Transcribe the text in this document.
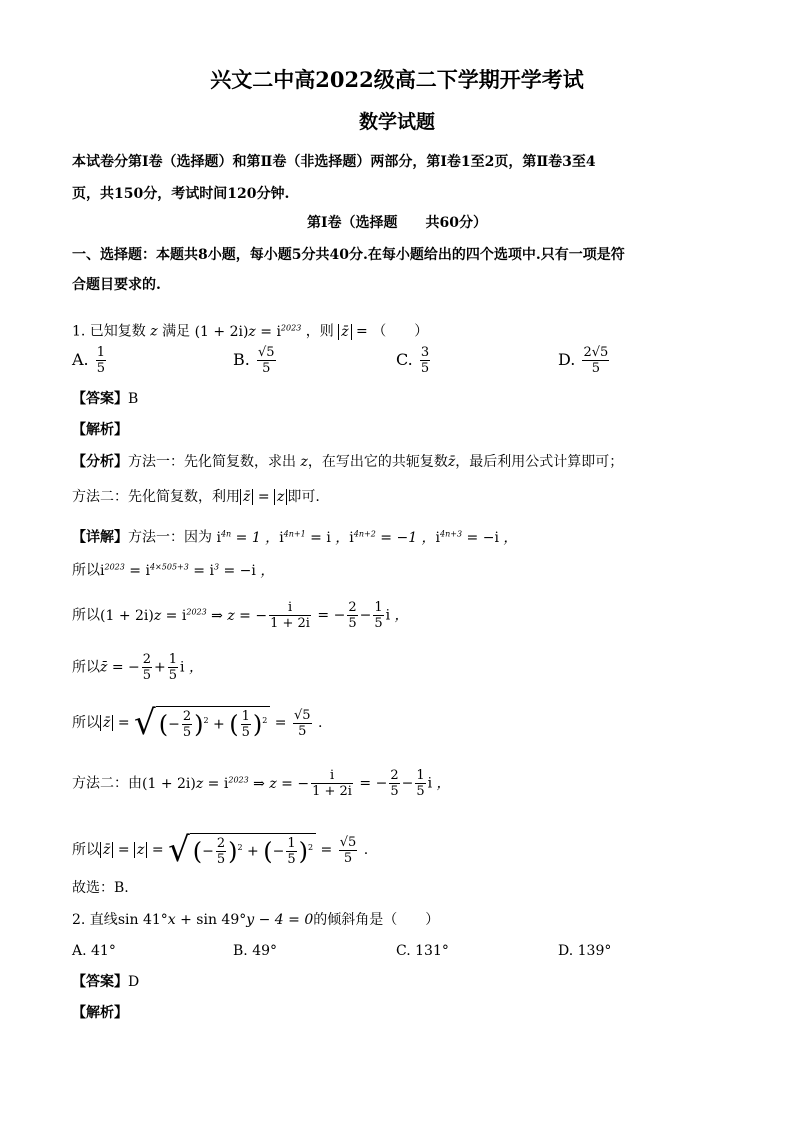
兴文二中高2022级高二下学期开学考试
数学试题
本试卷分第Ⅰ卷（选择题）和第Ⅱ卷（非选择题）两部分，第Ⅰ卷1至2页，第Ⅱ卷3至4
页，共150分，考试时间120分钟.
第Ⅰ卷（选择题　　共60分）
一、选择题：本题共8小题，每小题5分共40分.在每小题给出的四个选项中.只有一项是符
合题目要求的.
1. 已知复数 z 满足 $(1 + 2i)z = i^{2023}$ ，则 z̄ = （　　）
A. $\frac{1}{5}$	B. $\frac{√5}{5}$	C. $\frac{3}{5}$	D. $\frac{2√5}{5}$
【答案】B
【解析】
【分析】方法一：先化简复数，求出 z，在写出它的共轭复数z̄，最后利用公式计算即可；
方法二：先化简复数，利用 z̄ = z 即可.
【详解】方法一：因为 $i^{4n} = 1$ ，$i^{4n+1} = i$ ，$i^{4n+2} = -1$ ，$i^{4n+3} = -i$ ，
所以$i^{2023} = i^{4\times 505+3} = i^3 = -i$ ，
所以$(1 + 2i)z = i^{2023}$ ⇒ z = − $\frac{i}{1 + 2i}$ = − $\frac{2}{5} - \frac{1}{5}$ i ，
所以z̄ = − $\frac{2}{5} + \frac{1}{5}$ i ，
所以 z̄ = √ (− $\frac{2}{5} )^2$ + ( $\frac{1}{5} )^2 = \frac{√5}{5}$ .
方法二：由$(1 + 2i)z = i^{2023}$ ⇒ z = − $\frac{i}{1 + 2i}$ = − $\frac{2}{5} - \frac{1}{5}$ i ，
所以 z̄ = z = √ (− $\frac{2}{5} )^2$ + (− $\frac{1}{5} )^2 = \frac{√5}{5}$ .
故选：B.
2. 直线sin 41°x + sin 49°y − 4 = 0的倾斜角是（　　）
A. 41°	B. 49°	C. 131°	D. 139°
【答案】D
【解析】
